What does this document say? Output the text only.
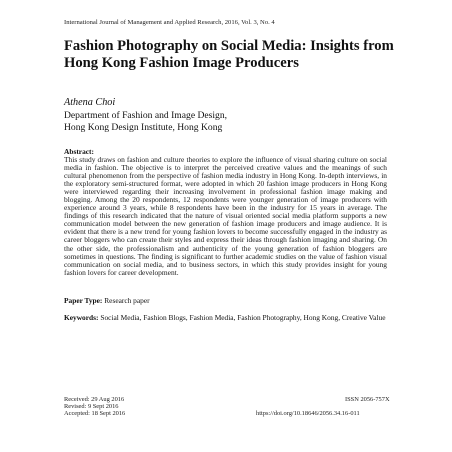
International Journal of Management and Applied Research, 2016, Vol. 3, No. 4
Fashion Photography on Social Media: Insights from Hong Kong Fashion Image Producers
Athena Choi
Department of Fashion and Image Design,
Hong Kong Design Institute, Hong Kong
Abstract:
This study draws on fashion and culture theories to explore the influence of visual sharing culture on social media in fashion. The objective is to interpret the perceived creative values and the meanings of such cultural phenomenon from the perspective of fashion media industry in Hong Kong. In-depth interviews, in the exploratory semi-structured format, were adopted in which 20 fashion image producers in Hong Kong were interviewed regarding their increasing involvement in professional fashion image making and blogging. Among the 20 respondents, 12 respondents were younger generation of image producers with experience around 3 years, while 8 respondents have been in the industry for 15 years in average. The findings of this research indicated that the nature of visual oriented social media platform supports a new communication model between the new generation of fashion image producers and image audience. It is evident that there is a new trend for young fashion lovers to become successfully engaged in the industry as career bloggers who can create their styles and express their ideas through fashion imaging and sharing. On the other side, the professionalism and authenticity of the young generation of fashion bloggers are sometimes in questions. The finding is significant to further academic studies on the value of fashion visual communication on social media, and to business sectors, in which this study provides insight for young fashion lovers for career development.
Paper Type: Research paper
Keywords: Social Media, Fashion Blogs, Fashion Media, Fashion Photography, Hong Kong, Creative Value
Received: 29 Aug 2016
Revised: 9 Sept 2016
Accepted: 18 Sept 2016
ISSN 2056-757X
https://doi.org/10.18646/2056.34.16-011
